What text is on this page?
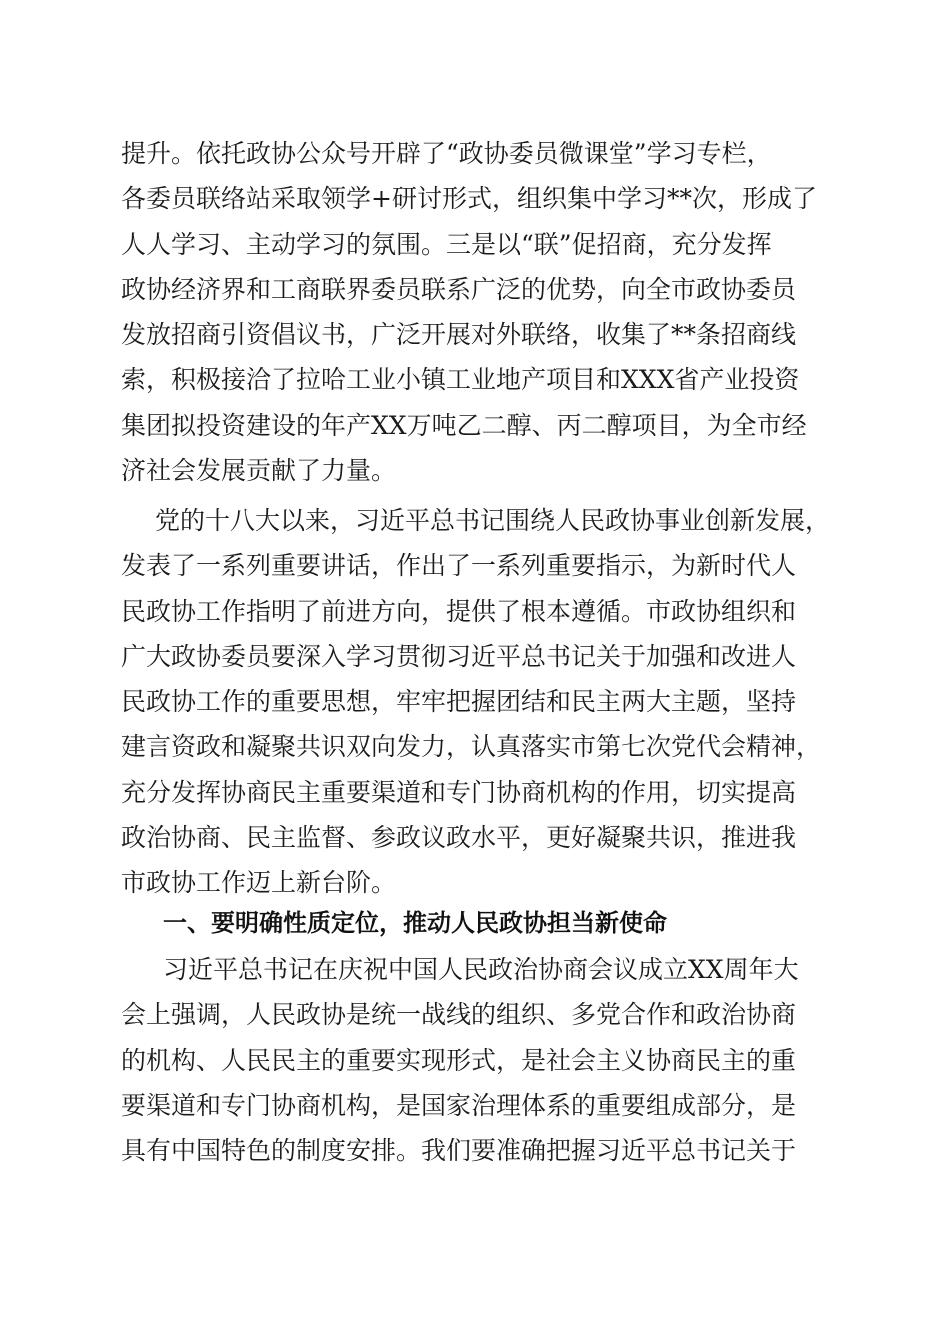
提升。依托政协公众号开辟了“政协委员微课堂”学习专栏，
各委员联络站采取领学+研讨形式，组织集中学习**次，形成了
人人学习、主动学习的氛围。三是以“联”促招商，充分发挥
政协经济界和工商联界委员联系广泛的优势，向全市政协委员
发放招商引资倡议书，广泛开展对外联络，收集了**条招商线
索，积极接洽了拉哈工业小镇工业地产项目和XXX省产业投资
集团拟投资建设的年产XX万吨乙二醇、丙二醇项目，为全市经
济社会发展贡献了力量。
党的十八大以来，习近平总书记围绕人民政协事业创新发展，
发表了一系列重要讲话，作出了一系列重要指示，为新时代人
民政协工作指明了前进方向，提供了根本遵循。市政协组织和
广大政协委员要深入学习贯彻习近平总书记关于加强和改进人
民政协工作的重要思想，牢牢把握团结和民主两大主题，坚持
建言资政和凝聚共识双向发力，认真落实市第七次党代会精神，
充分发挥协商民主重要渠道和专门协商机构的作用，切实提高
政治协商、民主监督、参政议政水平，更好凝聚共识，推进我
市政协工作迈上新台阶。
一、要明确性质定位，推动人民政协担当新使命
习近平总书记在庆祝中国人民政治协商会议成立XX周年大
会上强调，人民政协是统一战线的组织、多党合作和政治协商
的机构、人民民主的重要实现形式，是社会主义协商民主的重
要渠道和专门协商机构，是国家治理体系的重要组成部分，是
具有中国特色的制度安排。我们要准确把握习近平总书记关于
